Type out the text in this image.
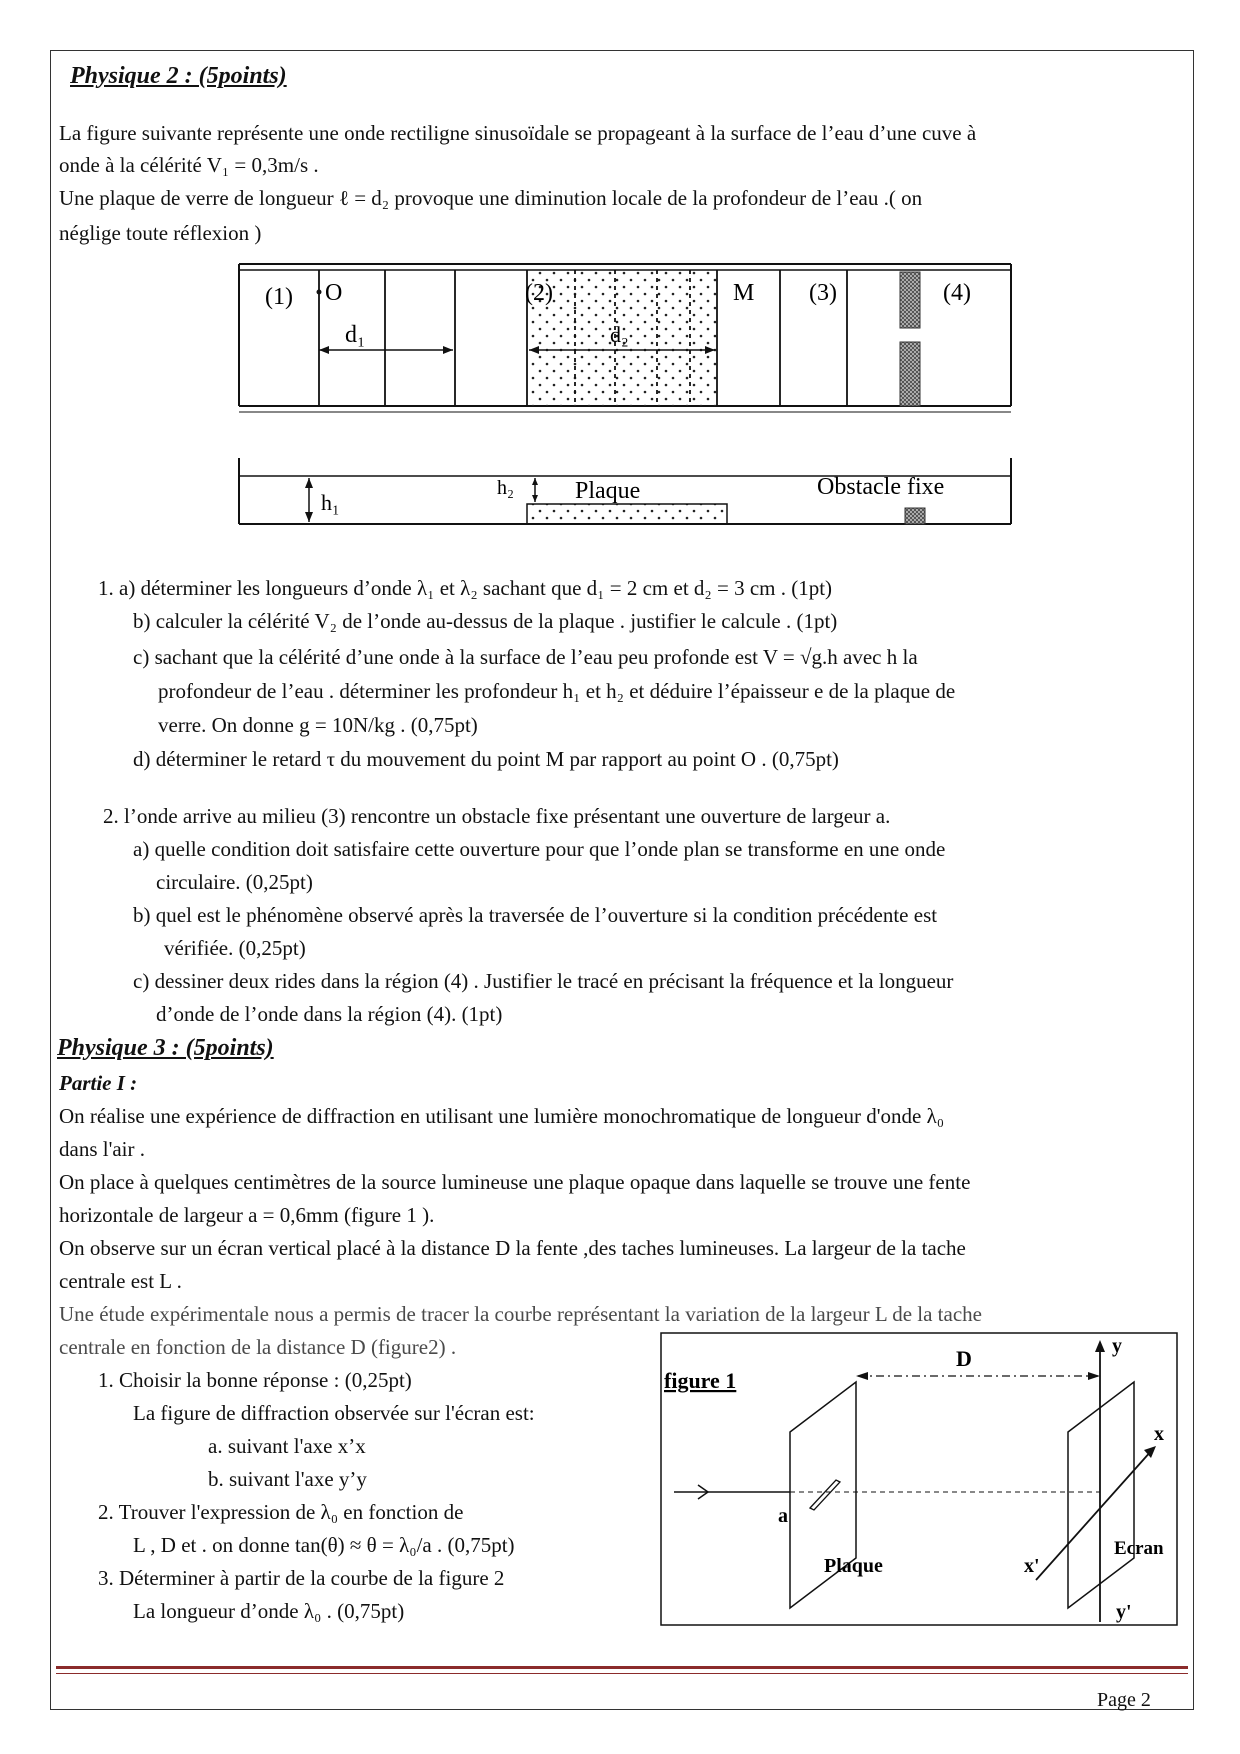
Physique 2 : (5points)
La figure suivante représente une onde rectiligne sinusoïdale se propageant à la surface de l’eau d’une cuve à
onde à la célérité V₁ = 0,3m/s .
Une plaque de verre de longueur ℓ = d₂ provoque une diminution locale de la profondeur de l’eau .( on
néglige toute réflexion )
(1) O
d₁
(2)
d₂
M (3)	(4)
h₁
h₂	Plaque	Obstacle fixe
1. a) déterminer les longueurs d’onde λ₁ et λ₂ sachant que d₁ = 2 cm et d₂ = 3 cm . (1pt)
b) calculer la célérité V₂ de l’onde au-dessus de la plaque . justifier le calcule . (1pt)
c) sachant que la célérité d’une onde à la surface de l’eau peu profonde est V = √g.h avec h la
profondeur de l’eau . déterminer les profondeur h₁ et h₂ et déduire l’épaisseur e de la plaque de
verre. On donne g = 10N/kg . (0,75pt)
d) déterminer le retard τ du mouvement du point M par rapport au point O . (0,75pt)
2. l’onde arrive au milieu (3) rencontre un obstacle fixe présentant une ouverture de largeur a.
a) quelle condition doit satisfaire cette ouverture pour que l’onde plan se transforme en une onde
circulaire. (0,25pt)
b) quel est le phénomène observé après la traversée de l’ouverture si la condition précédente est
vérifiée. (0,25pt)
c) dessiner deux rides dans la région (4) . Justifier le tracé en précisant la fréquence et la longueur
d’onde de l’onde dans la région (4). (1pt)
Physique 3 : (5points)
Partie I :
On réalise une expérience de diffraction en utilisant une lumière monochromatique de longueur d'onde λ₀
dans l'air .
On place à quelques centimètres de la source lumineuse une plaque opaque dans laquelle se trouve une fente
horizontale de largeur a = 0,6mm (figure 1 ).
On observe sur un écran vertical placé à la distance D la fente ,des taches lumineuses. La largeur de la tache
centrale est L .
Une étude expérimentale nous a permis de tracer la courbe représentant la variation de la largeur L de la tache
centrale en fonction de la distance D (figure2) .
1. Choisir la bonne réponse : (0,25pt)
La figure de diffraction observée sur l'écran est:
a. suivant l'axe x’x
b. suivant l'axe y’y
2. Trouver l'expression de λ₀ en fonction de
L , D et . on donne tan(θ) ≈ θ = λ₀/a . (0,75pt)
3. Déterminer à partir de la courbe de la figure 2
La longueur d’onde λ₀ . (0,75pt)
figure 1
D	y
y'
x
x'
a
Plaque
Ecran
Page 2
